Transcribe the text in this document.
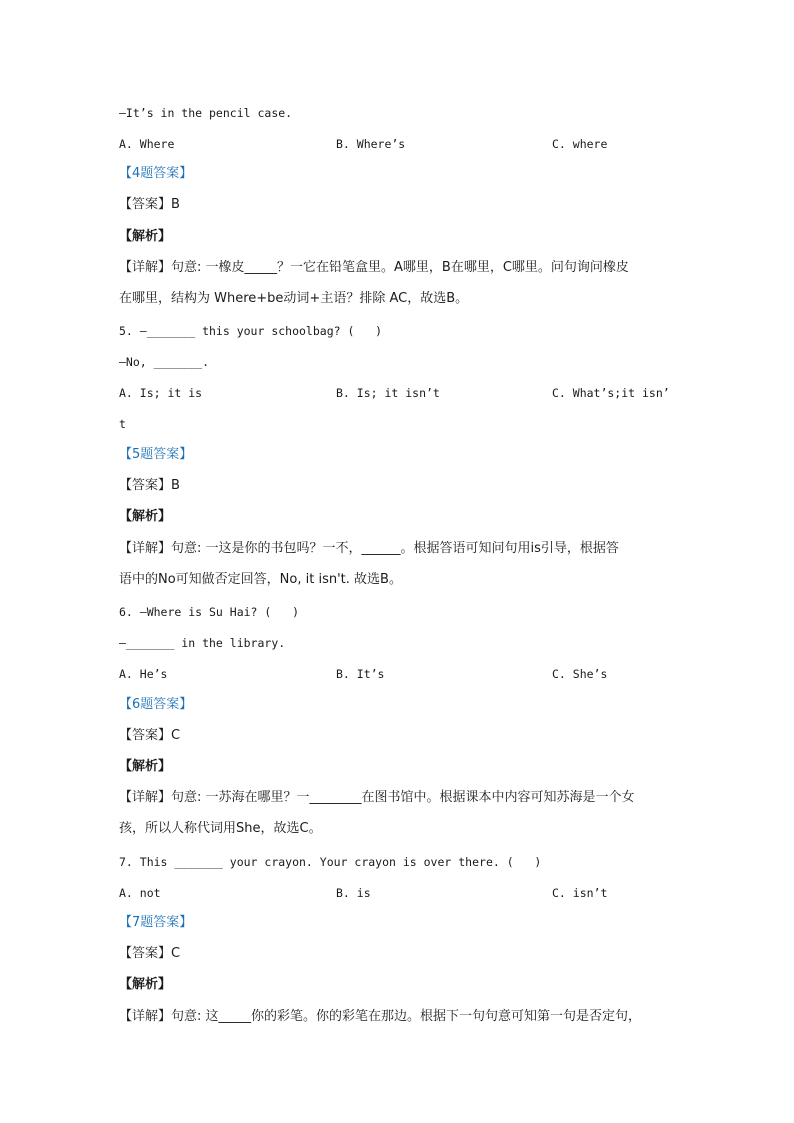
—It’s in the pencil case.
A. Where	B. Where’s	C. where
【4题答案】
【答案】B
【解析】
【详解】句意: 一橡皮_____？一它在铅笔盒里。A哪里，B在哪里，C哪里。问句询问橡皮
在哪里，结构为 Where+be动词+主语？排除 AC，故选B。
5. —_______ this your schoolbag? (   )
—No, _______.
A. Is; it is	B. Is; it isn’t	C. What’s;it isn’
t
【5题答案】
【答案】B
【解析】
【详解】句意: 一这是你的书包吗？一不，______。根据答语可知问句用is引导，根据答
语中的No可知做否定回答，No, it isn't. 故选B。
6. —Where is Su Hai? (   )
—_______ in the library.
A. He’s	B. It’s	C. She’s
【6题答案】
【答案】C
【解析】
【详解】句意: 一苏海在哪里？一________在图书馆中。根据课本中内容可知苏海是一个女
孩，所以人称代词用She，故选C。
7. This _______ your crayon. Your crayon is over there. (   )
A. not	B. is	C. isn’t
【7题答案】
【答案】C
【解析】
【详解】句意: 这_____你的彩笔。你的彩笔在那边。根据下一句句意可知第一句是否定句，
